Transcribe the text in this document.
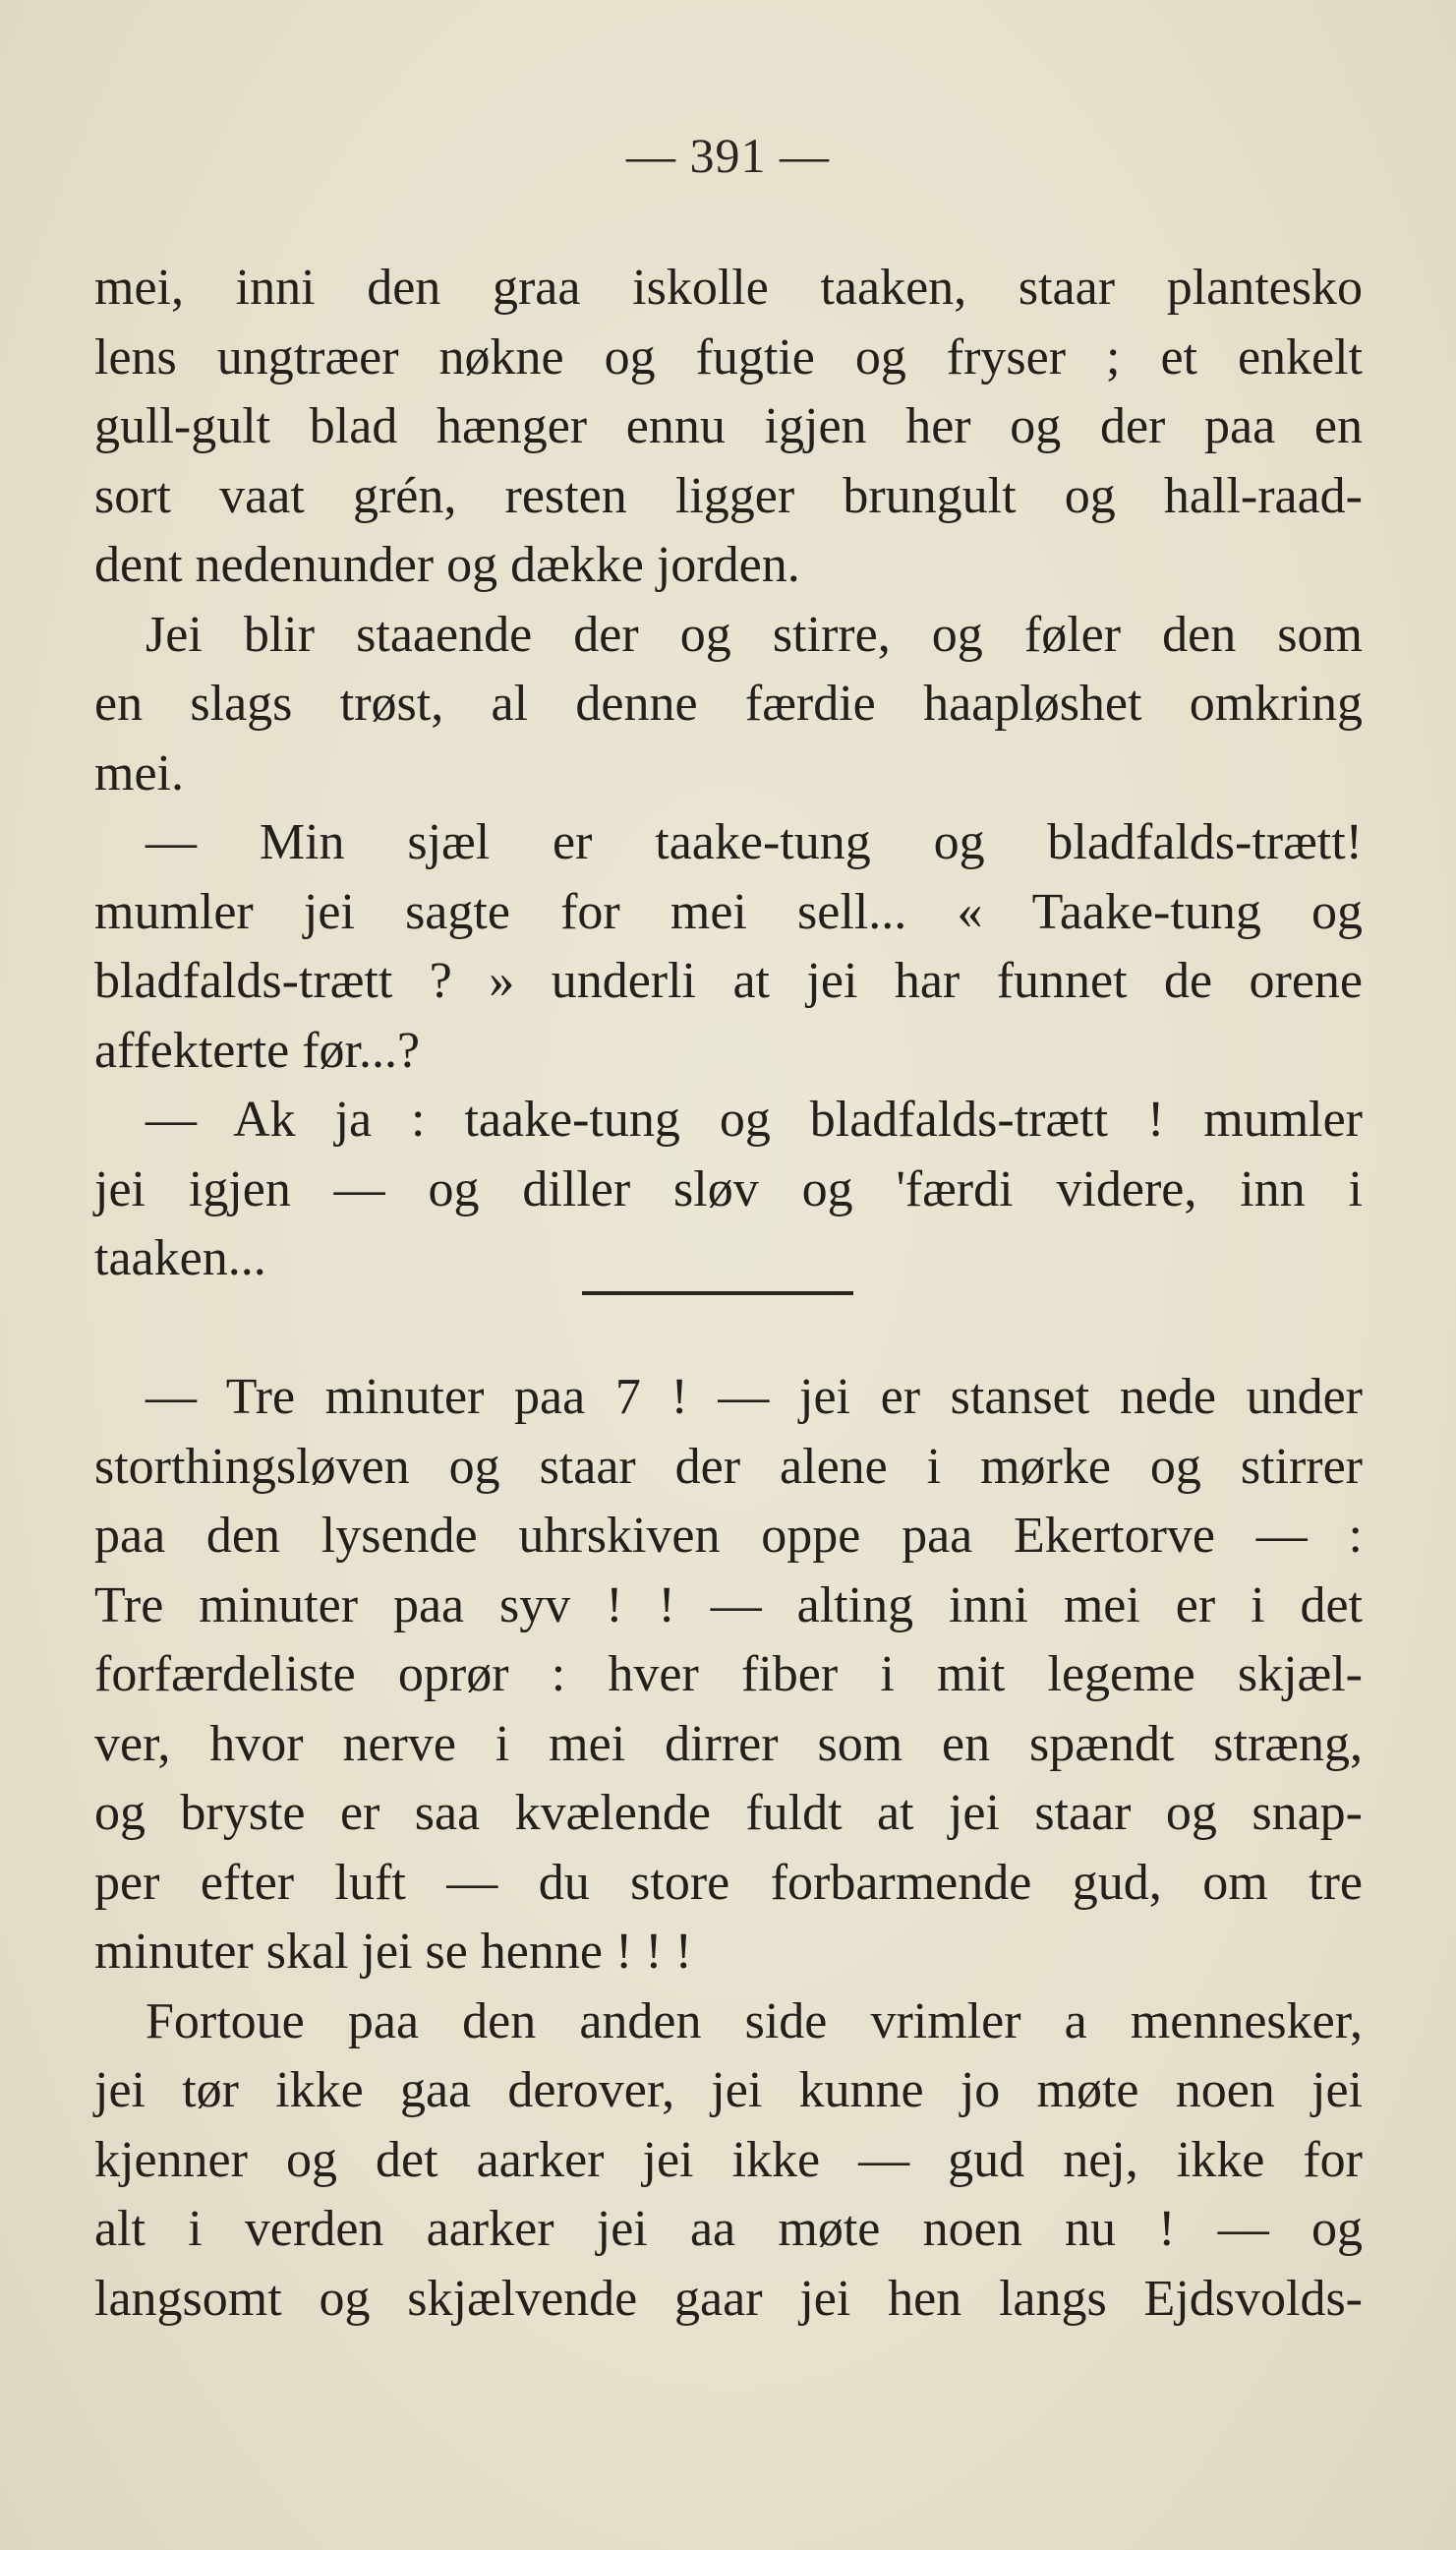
— 391 —
mei, inni den graa iskolle taaken, staar plantesko
lens ungtræer nøkne og fugtie og fryser ; et enkelt
gull-gult blad hænger ennu igjen her og der paa en
sort vaat grén, resten ligger brungult og hall-raad-
dent nedenunder og dække jorden.
Jei blir staaende der og stirre, og føler den som
en slags trøst, al denne færdie haapløshet omkring
mei.
— Min sjæl er taake-tung og bladfalds-trætt!
mumler jei sagte for mei sell... « Taake-tung og
bladfalds-trætt ? » underli at jei har funnet de orene
affekterte før...?
— Ak ja : taake-tung og bladfalds-trætt ! mumler
jei igjen — og diller sløv og 'færdi videre, inn i
taaken...
— Tre minuter paa 7 ! — jei er stanset nede under
storthingsløven og staar der alene i mørke og stirrer
paa den lysende uhrskiven oppe paa Ekertorve — :
Tre minuter paa syv ! ! — alting inni mei er i det
forfærdeliste oprør : hver fiber i mit legeme skjæl-
ver, hvor nerve i mei dirrer som en spændt stræng,
og bryste er saa kvælende fuldt at jei staar og snap-
per efter luft — du store forbarmende gud, om tre
minuter skal jei se henne ! ! !
Fortoue paa den anden side vrimler a mennesker,
jei tør ikke gaa derover, jei kunne jo møte noen jei
kjenner og det aarker jei ikke — gud nej, ikke for
alt i verden aarker jei aa møte noen nu ! — og
langsomt og skjælvende gaar jei hen langs Ejdsvolds-
